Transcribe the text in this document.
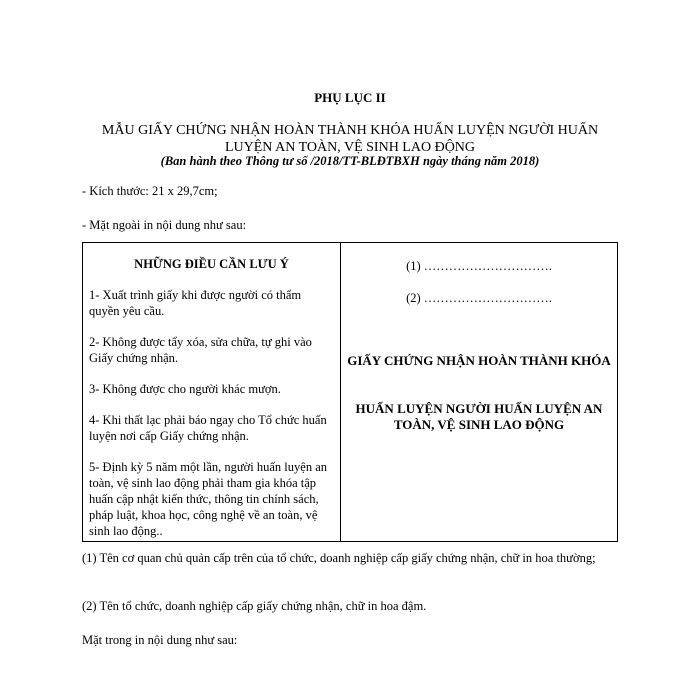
PHỤ LỤC II
MẪU GIẤY CHỨNG NHẬN HOÀN THÀNH KHÓA HUẤN LUYỆN NGƯỜI HUẤN
LUYỆN AN TOÀN, VỆ SINH LAO ĐỘNG
(Ban hành theo Thông tư số /2018/TT-BLĐTBXH ngày tháng năm 2018)
- Kích thước: 21 x 29,7cm;
- Mặt ngoài in nội dung như sau:
NHỮNG ĐIỀU CẦN LƯU Ý
1- Xuất trình giấy khi được người có thẩm quyền yêu cầu.
2- Không được tẩy xóa, sửa chữa, tự ghi vào Giấy chứng nhận.
3- Không được cho người khác mượn.
4- Khi thất lạc phải báo ngay cho Tổ chức huấn luyện nơi cấp Giấy chứng nhận.
5- Định kỳ 5 năm một lần, người huấn luyện an toàn, vệ sinh lao động phải tham gia khóa tập huấn cập nhật kiến thức, thông tin chính sách, pháp luật, khoa học, công nghệ về an toàn, vệ sinh lao động..
(1) ………………………….
(2) ………………………….
GIẤY CHỨNG NHẬN HOÀN THÀNH KHÓA
HUẤN LUYỆN NGƯỜI HUẤN LUYỆN AN TOÀN, VỆ SINH LAO ĐỘNG
(1) Tên cơ quan chủ quản cấp trên của tổ chức, doanh nghiệp cấp giấy chứng nhận, chữ in hoa thường;
(2) Tên tổ chức, doanh nghiệp cấp giấy chứng nhận, chữ in hoa đậm.
Mặt trong in nội dung như sau:
